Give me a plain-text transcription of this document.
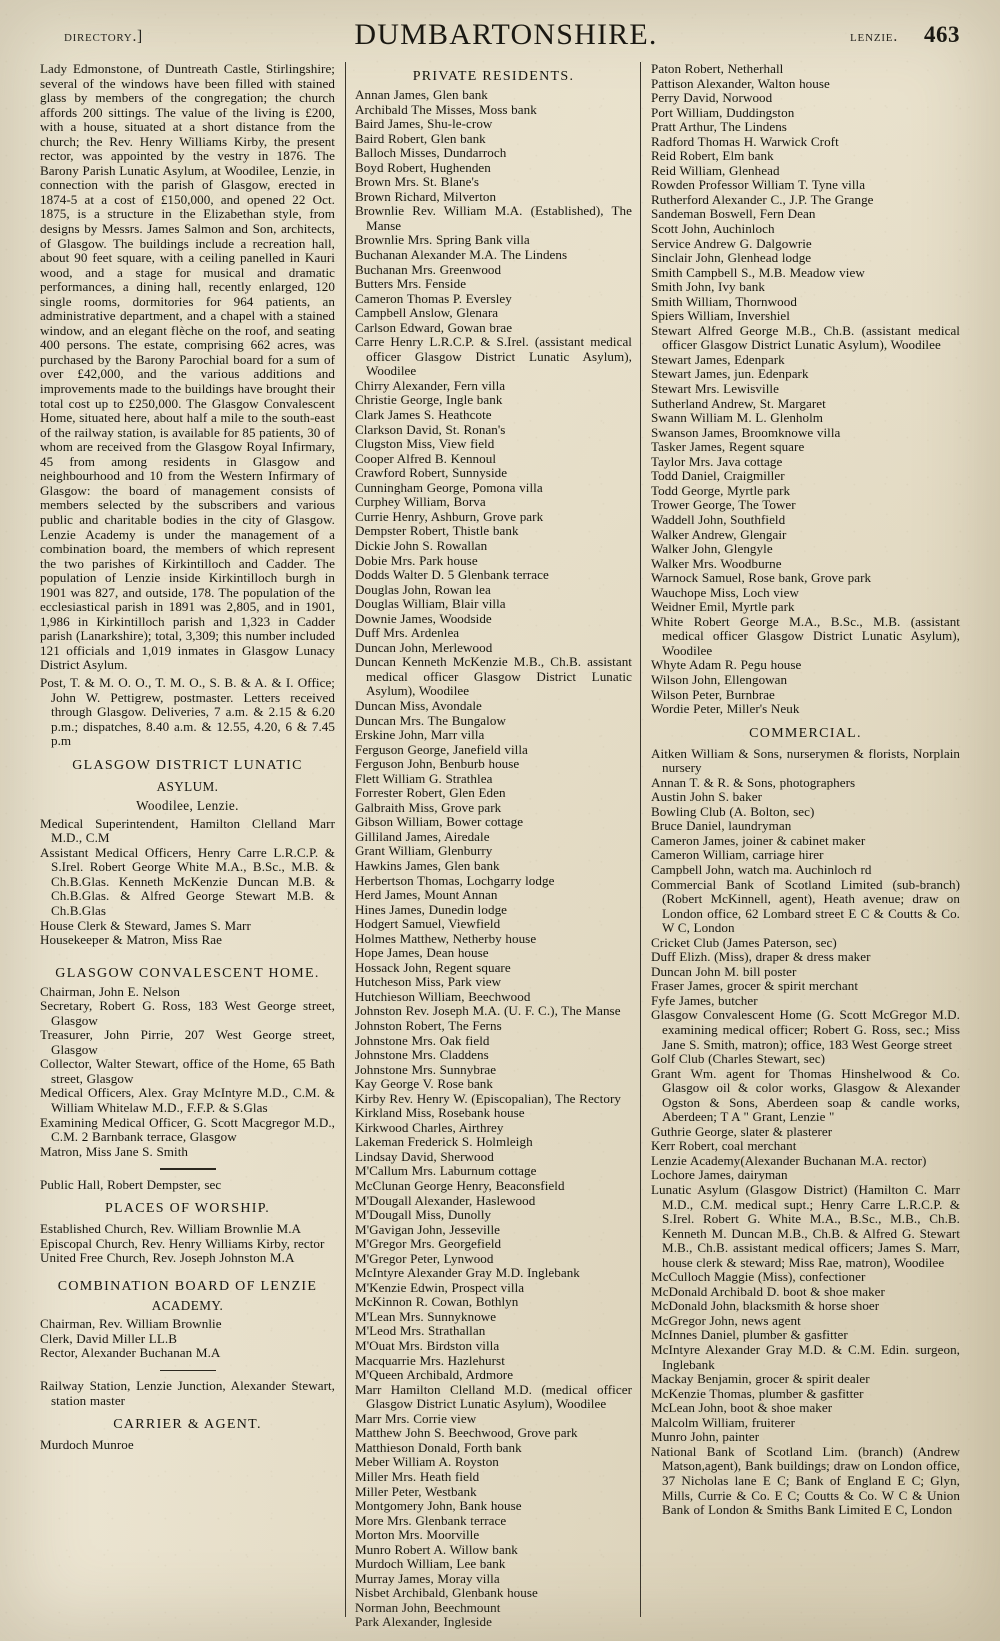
directory.]	DUMBARTONSHIRE.	lenzie. 463

Lady Edmonstone, of Duntreath Castle, Stirlingshire; several of the windows have been filled with stained glass by members of the congregation; the church affords 200 sittings. The value of the living is £200, with a house, situated at a short distance from the church; the Rev. Henry Williams Kirby, the present rector, was appointed by the vestry in 1876. The Barony Parish Lunatic Asylum, at Woodilee, Lenzie, in connection with the parish of Glasgow, erected in 1874-5 at a cost of £150,000, and opened 22 Oct. 1875, is a structure in the Elizabethan style, from designs by Messrs. James Salmon and Son, architects, of Glasgow. The buildings include a recreation hall, about 90 feet square, with a ceiling panelled in Kauri wood, and a stage for musical and dramatic performances, a dining hall, recently enlarged, 120 single rooms, dormitories for 964 patients, an administrative department, and a chapel with a stained window, and an elegant flèche on the roof, and seating 400 persons. The estate, comprising 662 acres, was purchased by the Barony Parochial board for a sum of over £42,000, and the various additions and improvements made to the buildings have brought their total cost up to £250,000. The Glasgow Convalescent Home, situated here, about half a mile to the south-east of the railway station, is available for 85 patients, 30 of whom are received from the Glasgow Royal Infirmary, 45 from among residents in Glasgow and neighbourhood and 10 from the Western Infirmary of Glasgow: the board of management consists of members selected by the subscribers and various public and charitable bodies in the city of Glasgow. Lenzie Academy is under the management of a combination board, the members of which represent the two parishes of Kirkintilloch and Cadder. The population of Lenzie inside Kirkintilloch burgh in 1901 was 827, and outside, 178. The population of the ecclesiastical parish in 1891 was 2,805, and in 1901, 1,986 in Kirkintilloch parish and 1,323 in Cadder parish (Lanarkshire); total, 3,309; this number included 121 officials and 1,019 inmates in Glasgow Lunacy District Asylum.

Post, T. & M. O. O., T. M. O., S. B. & A. & I. Office; John W. Pettigrew, postmaster. Letters received through Glasgow. Deliveries, 7 a.m. & 2.15 & 6.20 p.m.; dispatches, 8.40 a.m. & 12.55, 4.20, 6 & 7.45 p.m

GLASGOW DISTRICT LUNATIC
ASYLUM.
Woodilee, Lenzie.

Medical Superintendent, Hamilton Clelland Marr M.D., C.M

Assistant Medical Officers, Henry Carre L.R.C.P. & S.Irel. Robert George White M.A., B.Sc., M.B. & Ch.B.Glas. Kenneth McKenzie Duncan M.B. & Ch.B.Glas. & Alfred George Stewart M.B. & Ch.B.Glas

House Clerk & Steward, James S. Marr

Housekeeper & Matron, Miss Rae

GLASGOW CONVALESCENT HOME.

Chairman, John E. Nelson

Secretary, Robert G. Ross, 183 West George street, Glasgow

Treasurer, John Pirrie, 207 West George street, Glasgow

Collector, Walter Stewart, office of the Home, 65 Bath street, Glasgow

Medical Officers, Alex. Gray McIntyre M.D., C.M. & William Whitelaw M.D., F.F.P. & S.Glas

Examining Medical Officer, G. Scott Macgregor M.D., C.M. 2 Barnbank terrace, Glasgow

Matron, Miss Jane S. Smith

Public Hall, Robert Dempster, sec

PLACES OF WORSHIP.

Established Church, Rev. William Brownlie M.A

Episcopal Church, Rev. Henry Williams Kirby, rector

United Free Church, Rev. Joseph Johnston M.A

COMBINATION BOARD OF LENZIE
ACADEMY.

Chairman, Rev. William Brownlie

Clerk, David Miller LL.B

Rector, Alexander Buchanan M.A

Railway Station, Lenzie Junction, Alexander Stewart, station master

CARRIER & AGENT.

Murdoch Munroe

PRIVATE RESIDENTS.

Annan James, Glen bank

Archibald The Misses, Moss bank

Baird James, Shu-le-crow

Baird Robert, Glen bank

Balloch Misses, Dundarroch

Boyd Robert, Hughenden

Brown Mrs. St. Blane's

Brown Richard, Milverton

Brownlie Rev. William M.A. (Established), The Manse

Brownlie Mrs. Spring Bank villa

Buchanan Alexander M.A. The Lindens

Buchanan Mrs. Greenwood

Butters Mrs. Fenside

Cameron Thomas P. Eversley

Campbell Anslow, Glenara

Carlson Edward, Gowan brae

Carre Henry L.R.C.P. & S.Irel. (assistant medical officer Glasgow District Lunatic Asylum), Woodilee

Chirry Alexander, Fern villa

Christie George, Ingle bank

Clark James S. Heathcote

Clarkson David, St. Ronan's

Clugston Miss, View field

Cooper Alfred B. Kennoul

Crawford Robert, Sunnyside

Cunningham George, Pomona villa

Curphey William, Borva

Currie Henry, Ashburn, Grove park

Dempster Robert, Thistle bank

Dickie John S. Rowallan

Dobie Mrs. Park house

Dodds Walter D. 5 Glenbank terrace

Douglas John, Rowan lea

Douglas William, Blair villa

Downie James, Woodside

Duff Mrs. Ardenlea

Duncan John, Merlewood

Duncan Kenneth McKenzie M.B., Ch.B. assistant medical officer Glasgow District Lunatic Asylum), Woodilee

Duncan Miss, Avondale

Duncan Mrs. The Bungalow

Erskine John, Marr villa

Ferguson George, Janefield villa

Ferguson John, Benburb house

Flett William G. Strathlea

Forrester Robert, Glen Eden

Galbraith Miss, Grove park

Gibson William, Bower cottage

Gilliland James, Airedale

Grant William, Glenburry

Hawkins James, Glen bank

Herbertson Thomas, Lochgarry lodge

Herd James, Mount Annan

Hines James, Dunedin lodge

Hodgert Samuel, Viewfield

Holmes Matthew, Netherby house

Hope James, Dean house

Hossack John, Regent square

Hutcheson Miss, Park view

Hutchieson William, Beechwood

Johnston Rev. Joseph M.A. (U. F. C.), The Manse

Johnston Robert, The Ferns

Johnstone Mrs. Oak field

Johnstone Mrs. Claddens

Johnstone Mrs. Sunnybrae

Kay George V. Rose bank

Kirby Rev. Henry W. (Episcopalian), The Rectory

Kirkland Miss, Rosebank house

Kirkwood Charles, Airthrey

Lakeman Frederick S. Holmleigh

Lindsay David, Sherwood

M'Callum Mrs. Laburnum cottage

McClunan George Henry, Beaconsfield

M'Dougall Alexander, Haslewood

M'Dougall Miss, Dunolly

M'Gavigan John, Jesseville

M'Gregor Mrs. Georgefield

M'Gregor Peter, Lynwood

McIntyre Alexander Gray M.D. Inglebank

M'Kenzie Edwin, Prospect villa

McKinnon R. Cowan, Bothlyn

M'Lean Mrs. Sunnyknowe

M'Leod Mrs. Strathallan

M'Ouat Mrs. Birdston villa

Macquarrie Mrs. Hazlehurst

M'Queen Archibald, Ardmore

Marr Hamilton Clelland M.D. (medical officer Glasgow District Lunatic Asylum), Woodilee

Marr Mrs. Corrie view

Matthew John S. Beechwood, Grove park

Matthieson Donald, Forth bank

Meber William A. Royston

Miller Mrs. Heath field

Miller Peter, Westbank

Montgomery John, Bank house

More Mrs. Glenbank terrace

Morton Mrs. Moorville

Munro Robert A. Willow bank

Murdoch William, Lee bank

Murray James, Moray villa

Nisbet Archibald, Glenbank house

Norman John, Beechmount

Park Alexander, Ingleside

Paton Robert, Netherhall

Pattison Alexander, Walton house

Perry David, Norwood

Port William, Duddingston

Pratt Arthur, The Lindens

Radford Thomas H. Warwick Croft

Reid Robert, Elm bank

Reid William, Glenhead

Rowden Professor William T. Tyne villa

Rutherford Alexander C., J.P. The Grange

Sandeman Boswell, Fern Dean

Scott John, Auchinloch

Service Andrew G. Dalgowrie

Sinclair John, Glenhead lodge

Smith Campbell S., M.B. Meadow view

Smith John, Ivy bank

Smith William, Thornwood

Spiers William, Invershiel

Stewart Alfred George M.B., Ch.B. (assistant medical officer Glasgow District Lunatic Asylum), Woodilee

Stewart James, Edenpark

Stewart James, jun. Edenpark

Stewart Mrs. Lewisville

Sutherland Andrew, St. Margaret

Swann William M. L. Glenholm

Swanson James, Broomknowe villa

Tasker James, Regent square

Taylor Mrs. Java cottage

Todd Daniel, Craigmiller

Todd George, Myrtle park

Trower George, The Tower

Waddell John, Southfield

Walker Andrew, Glengair

Walker John, Glengyle

Walker Mrs. Woodburne

Warnock Samuel, Rose bank, Grove park

Wauchope Miss, Loch view

Weidner Emil, Myrtle park

White Robert George M.A., B.Sc., M.B. (assistant medical officer Glasgow District Lunatic Asylum), Woodilee

Whyte Adam R. Pegu house

Wilson John, Ellengowan

Wilson Peter, Burnbrae

Wordie Peter, Miller's Neuk

COMMERCIAL.

Aitken William & Sons, nurserymen & florists, Norplain nursery

Annan T. & R. & Sons, photographers

Austin John S. baker

Bowling Club (A. Bolton, sec)

Bruce Daniel, laundryman

Cameron James, joiner & cabinet maker

Cameron William, carriage hirer

Campbell John, watch ma. Auchinloch rd

Commercial Bank of Scotland Limited (sub-branch) (Robert McKinnell, agent), Heath avenue; draw on London office, 62 Lombard street E C & Coutts & Co. W C, London

Cricket Club (James Paterson, sec)

Duff Elizh. (Miss), draper & dress maker

Duncan John M. bill poster

Fraser James, grocer & spirit merchant

Fyfe James, butcher

Glasgow Convalescent Home (G. Scott McGregor M.D. examining medical officer; Robert G. Ross, sec.; Miss Jane S. Smith, matron); office, 183 West George street

Golf Club (Charles Stewart, sec)

Grant Wm. agent for Thomas Hinshelwood & Co. Glasgow oil & color works, Glasgow & Alexander Ogston & Sons, Aberdeen soap & candle works, Aberdeen; T A " Grant, Lenzie "

Guthrie George, slater & plasterer

Kerr Robert, coal merchant

Lenzie Academy(Alexander Buchanan M.A. rector)

Lochore James, dairyman

Lunatic Asylum (Glasgow District) (Hamilton C. Marr M.D., C.M. medical supt.; Henry Carre L.R.C.P. & S.Irel. Robert G. White M.A., B.Sc., M.B., Ch.B. Kenneth M. Duncan M.B., Ch.B. & Alfred G. Stewart M.B., Ch.B. assistant medical officers; James S. Marr, house clerk & steward; Miss Rae, matron), Woodilee

McCulloch Maggie (Miss), confectioner

McDonald Archibald D. boot & shoe maker

McDonald John, blacksmith & horse shoer

McGregor John, news agent

McInnes Daniel, plumber & gasfitter

McIntyre Alexander Gray M.D. & C.M. Edin. surgeon, Inglebank

Mackay Benjamin, grocer & spirit dealer

McKenzie Thomas, plumber & gasfitter

McLean John, boot & shoe maker

Malcolm William, fruiterer

Munro John, painter

National Bank of Scotland Lim. (branch) (Andrew Matson,agent), Bank buildings; draw on London office, 37 Nicholas lane E C; Bank of England E C; Glyn, Mills, Currie & Co. E C; Coutts & Co. W C & Union Bank of London & Smiths Bank Limited E C, London
